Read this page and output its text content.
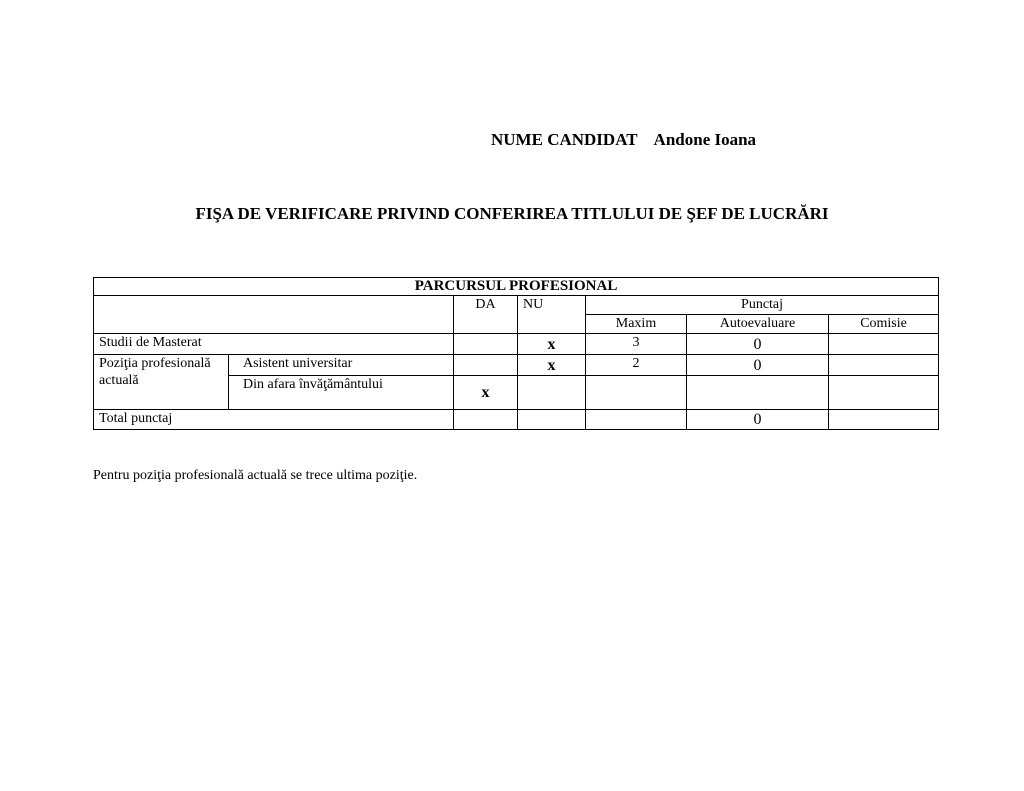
NUME CANDIDAT Andone Ioana
FIŞA DE VERIFICARE PRIVIND CONFERIREA TITLULUI DE ŞEF DE LUCRĂRI
PARCURSUL PROFESIONAL						
		DA	NU	Punctaj		
				Maxim	Autoevaluare	Comisie
Studii de Masterat			x	3	0	
Poziţia profesională actuală	Asistent universitar		x	2	0	
	Din afara învăţământului	x				
Total punctaj					0	
Pentru poziţia profesională actuală se trece ultima poziţie.
